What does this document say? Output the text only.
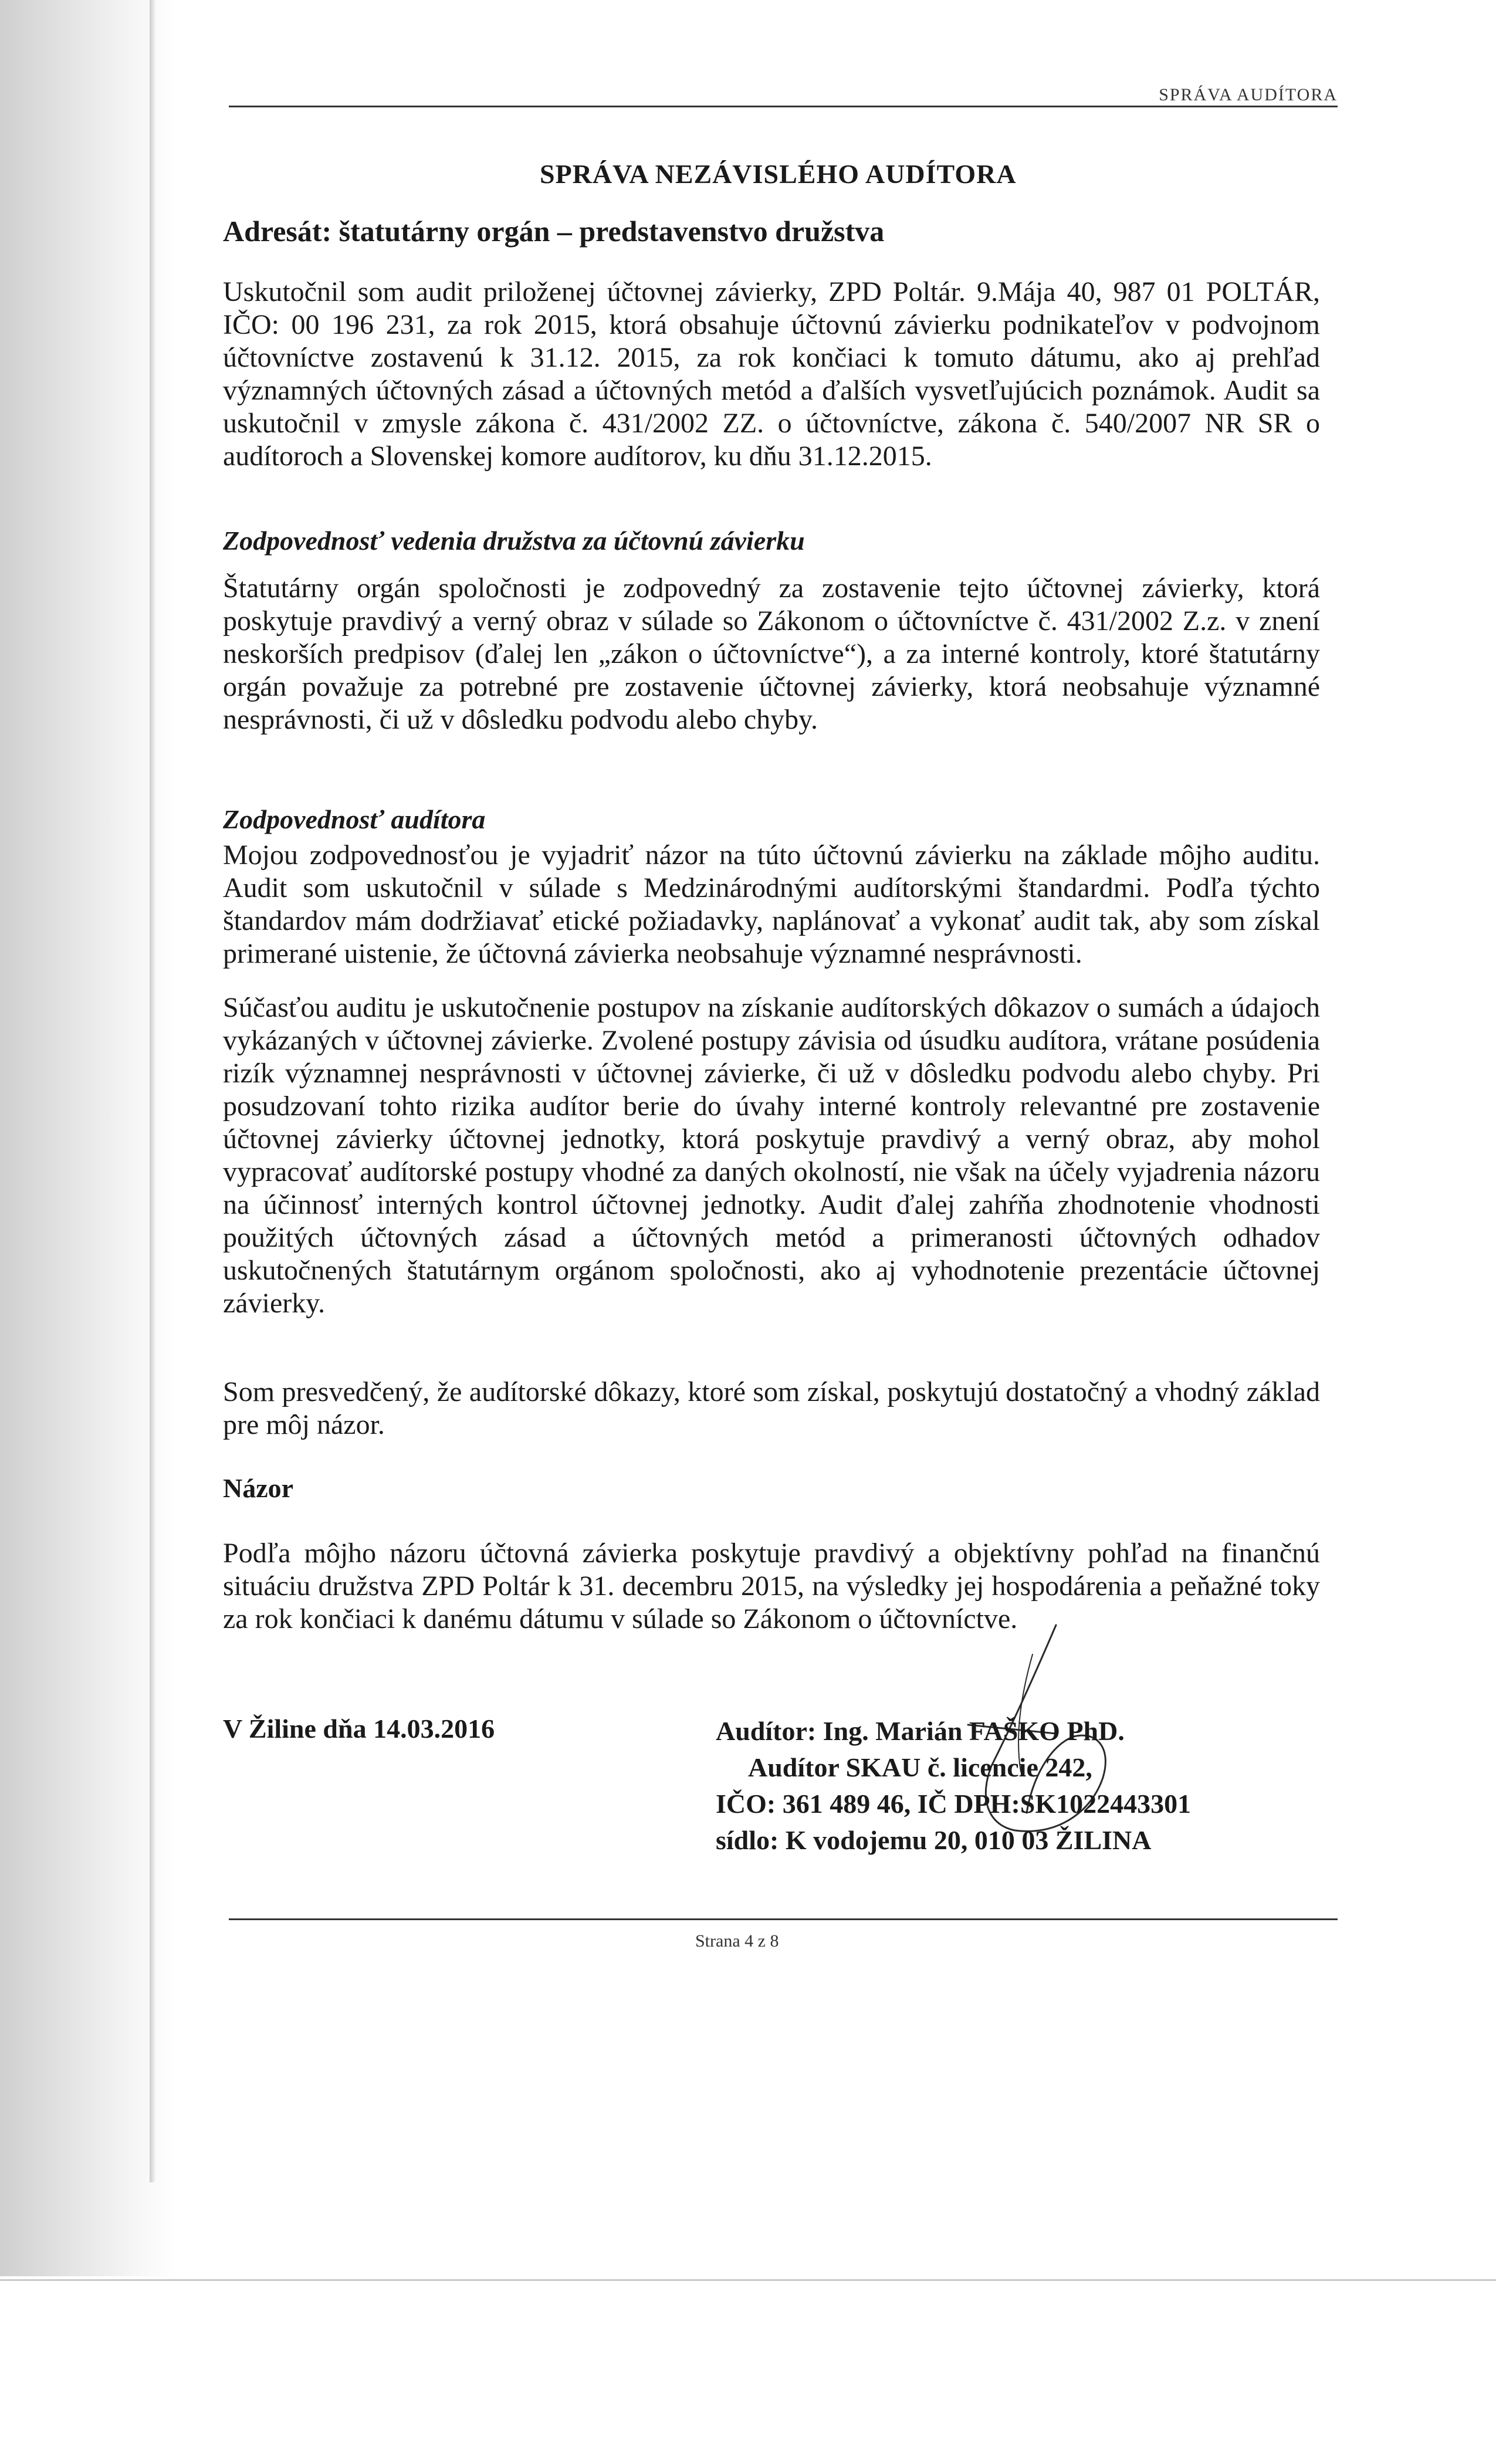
SPRÁVA AUDÍTORA
SPRÁVA NEZÁVISLÉHO AUDÍTORA
Adresát: štatutárny orgán – predstavenstvo družstva
Uskutočnil som audit priloženej účtovnej závierky, ZPD Poltár. 9.Mája 40, 987 01 POLTÁR, IČO: 00 196 231, za rok 2015, ktorá obsahuje účtovnú závierku podnikateľov v podvojnom účtovníctve zostavenú k 31.12. 2015, za rok končiaci k tomuto dátumu, ako aj prehľad významných účtovných zásad a účtovných metód a ďalších vysvetľujúcich poznámok. Audit sa uskutočnil v zmysle zákona č. 431/2002 ZZ. o účtovníctve, zákona č. 540/2007 NR SR o audítoroch a Slovenskej komore audítorov, ku dňu 31.12.2015.
Zodpovednosť vedenia družstva za účtovnú závierku
Štatutárny orgán spoločnosti je zodpovedný za zostavenie tejto účtovnej závierky, ktorá poskytuje pravdivý a verný obraz v súlade so Zákonom o účtovníctve č. 431/2002 Z.z. v znení neskorších predpisov (ďalej len „zákon o účtovníctve“), a za interné kontroly, ktoré štatutárny orgán považuje za potrebné pre zostavenie účtovnej závierky, ktorá neobsahuje významné nesprávnosti, či už v dôsledku podvodu alebo chyby.
Zodpovednosť audítora
Mojou zodpovednosťou je vyjadriť názor na túto účtovnú závierku na základe môjho auditu. Audit som uskutočnil v súlade s Medzinárodnými audítorskými štandardmi. Podľa týchto štandardov mám dodržiavať etické požiadavky, naplánovať a vykonať audit tak, aby som získal primerané uistenie, že účtovná závierka neobsahuje významné nesprávnosti.
Súčasťou auditu je uskutočnenie postupov na získanie audítorských dôkazov o sumách a údajoch vykázaných v účtovnej závierke. Zvolené postupy závisia od úsudku audítora, vrátane posúdenia rizík významnej nesprávnosti v účtovnej závierke, či už v dôsledku podvodu alebo chyby. Pri posudzovaní tohto rizika audítor berie do úvahy interné kontroly relevantné pre zostavenie účtovnej závierky účtovnej jednotky, ktorá poskytuje pravdivý a verný obraz, aby mohol vypracovať audítorské postupy vhodné za daných okolností, nie však na účely vyjadrenia názoru na účinnosť interných kontrol účtovnej jednotky. Audit ďalej zahŕňa zhodnotenie vhodnosti použitých účtovných zásad a účtovných metód a primeranosti účtovných odhadov uskutočnených štatutárnym orgánom spoločnosti, ako aj vyhodnotenie prezentácie účtovnej závierky.
Som presvedčený, že audítorské dôkazy, ktoré som získal, poskytujú dostatočný a vhodný základ pre môj názor.
Názor
Podľa môjho názoru účtovná závierka poskytuje pravdivý a objektívny pohľad na finančnú situáciu družstva ZPD Poltár k 31. decembru 2015, na výsledky jej hospodárenia a peňažné toky za rok končiaci k danému dátumu v súlade so Zákonom o účtovníctve.
V Žiline dňa 14.03.2016	Audítor: Ing. Marián FAŠKO PhD.
Audítor SKAU č. licencie 242,
IČO: 361 489 46, IČ DPH:SK1022443301
sídlo: K vodojemu 20, 010 03 ŽILINA
Strana 4 z 8
